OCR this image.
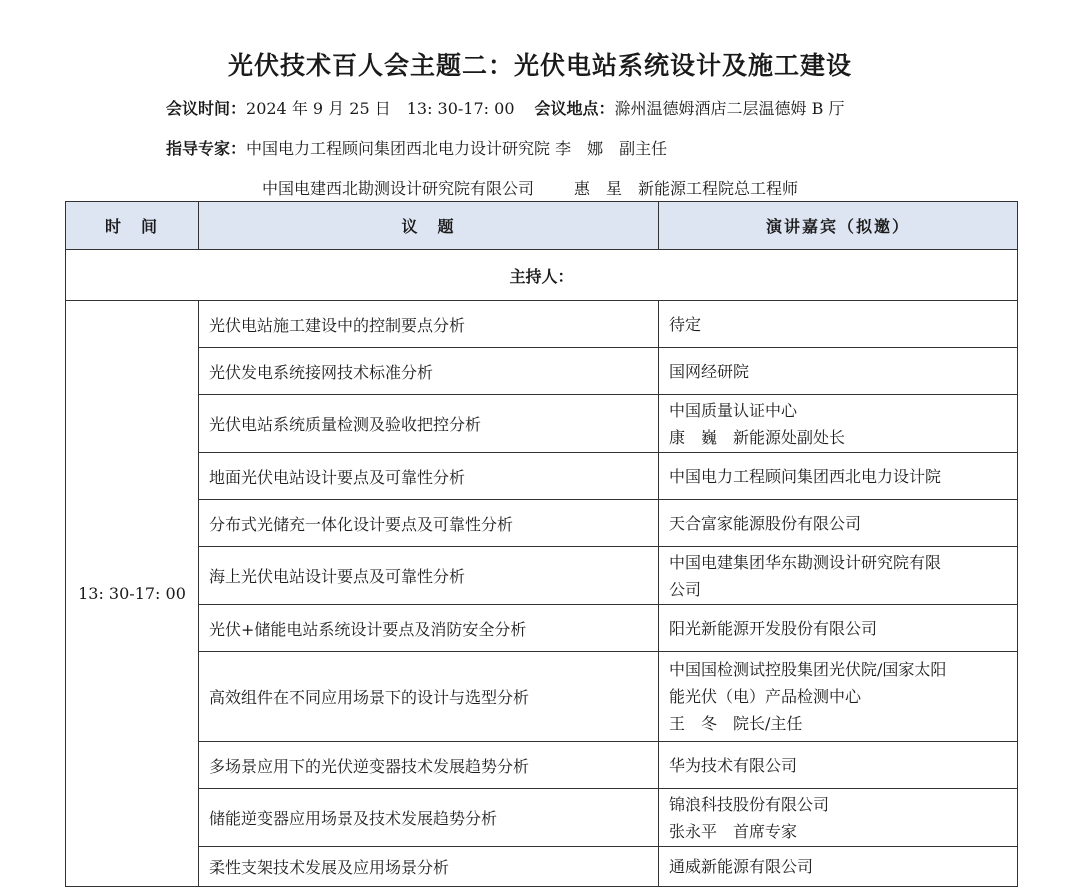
光伏技术百人会主题二：光伏电站系统设计及施工建设
会议时间：2024 年 9 月 25 日　13: 30-17: 00 会议地点：滁州温德姆酒店二层温德姆 B 厅
指导专家：中国电力工程顾问集团西北电力设计研究院 李　娜　副主任
中国电建西北勘测设计研究院有限公司	惠　星　新能源工程院总工程师
时　间	议　题	演讲嘉宾（拟邀）
主持人：		
13: 30-17: 00	光伏电站施工建设中的控制要点分析	待定

	光伏发电系统接网技术标准分析	国网经研院

	光伏电站系统质量检测及验收把控分析	中国质量认证中心
康　巍　新能源处副处长

	地面光伏电站设计要点及可靠性分析	中国电力工程顾问集团西北电力设计院

	分布式光储充一体化设计要点及可靠性分析	天合富家能源股份有限公司

	海上光伏电站设计要点及可靠性分析	中国电建集团华东勘测设计研究院有限
公司

	光伏+储能电站系统设计要点及消防安全分析	阳光新能源开发股份有限公司

	高效组件在不同应用场景下的设计与选型分析	中国国检测试控股集团光伏院/国家太阳
能光伏（电）产品检测中心
王　冬　院长/主任

	多场景应用下的光伏逆变器技术发展趋势分析	华为技术有限公司

	储能逆变器应用场景及技术发展趋势分析	锦浪科技股份有限公司
张永平　首席专家

	柔性支架技术发展及应用场景分析	通威新能源有限公司
